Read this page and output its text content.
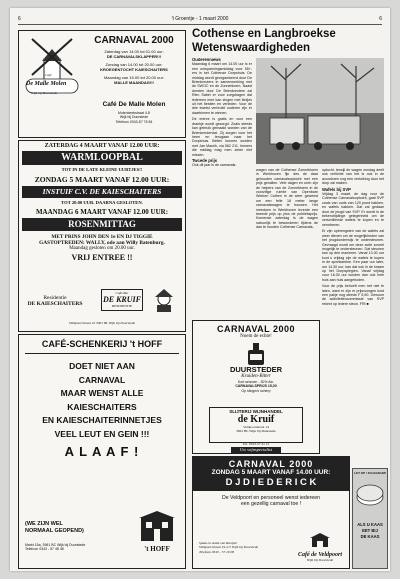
6	't Groentje - 1 maart 2000	6
Café
De Malle Molen
Wijk bij Duurstede
CARNAVAL 2000
Zaterdag van 14.00 tot 01.00 uur:
DE CARNAVALSKLAPPER!!!
Zondag van 14.00 tot 20.00 uur:
KROEGENTOCHT KAIESCHAITERS
Maandag van 15.00 tot 20.00 uur:
MALLE MAANDAG!!!
Café De Malle Molen
Molenbeekstraat 4-8
Wijk bij Duurstede
Telefoon 0343-57 76 84
ZATERDAG 4 MAART VANAF 12.00 UUR:
WARMLOOPBAL
TOT IN DE LATE KLEINE UURTJES!!
ZONDAG 5 MAART VANAF 12.00 UUR:
INSTUIF C.V. DE KAIESCHAITERS
TOT 20.00 UUR. DAARNA GESLOTEN.
MAANDAG 6 MAART VANAF 12.00 UUR:
ROSENMITTAG
MET PRINS JOHN DEN 1e EN DJ TIGGIE
GASTOPTREDEN: WALLY, ode aan Willy Batenburg.
Maandag gesloten om 20.00 uur.
VRIJ ENTREE !!
Residentie
DE KAIESCHAITERS
Café-Bar
DE KRUIF
RESIDENTIE
Veldpoortstraat 19 3961 BL Wijk bij Duurstede
CAFÉ-SCHENKERIJ 't HOFF
DOET NIET AAN
CARNAVAL
MAAR WENST ALLE
KAIESCHAITERS
EN KAIESCHAITERINNETJES
VEEL LEUT EN GEIN !!!
A L A A F !
(WE ZIJN WEL
NORMAAL GEOPEND)
Markt 15a, 3961 BC Wijk bij Duurstede
Telefoon 0343 - 57 48 48	't HOFF
Cothense en Langbroekse
Wetenswaardigheden
Ouderenniews

Maandag 6 maart om 14.00 uur is er een ontspanningsmiddag voor 55+-ers in het Cothense Dorpshuis. De middag wordt georganiseerd door De Brienkreuters in samenwerking met de SWOC en de Zonnebloem. Naast dorsten door De Brienkreuters zal Rien Sabel er voor zorgdragen dat iedereen mee kan zingen met liedjes uit het tiestien en verleden. Voor de drie kwetst verbruikt ouderen zijn er daarbinnen te winnen.

De entree is gratis en voor een drankje wordt gezorgd. Zoals steeds kan gebruik gemaakt worden van de Brienkreutertaxi. Zij zorgen voor het heen en terugaan naar het Dorpshuis. Bellen kunnen worden met Jan Maurik, via 562 211. Immers die middag mag men zeker niet missen.

Twcede prijs

Ook dit jaar is de carnavals-

wagen van de Cothense Zonnebloem in Werkhoven fijn des de daar gehouden carnavalsoptocht met een prijs gevallen. Vele dagen en uren zijn de helpers van de Zonnebloem in de voorzitige ruimte van Openbare Werken Cothen in de weer geweest om een felle 18 meter lange carnavalswagen te bouwen. Het meedoen in Werkhoven leverde een tweede prijs op plus de publieksprijs. Komende zaterdag is de wagen natuurlijk te bewonderen tijdens de dan te houden Cothense Carnavals-

optocht, terwijl de wagen zondag deelt ook verlichte van het is ook in de avondoren nog een vertolking door het dorp zal maken.

Wafels bij SVP

Vrijdag 3 maart, de dag voor de Cothense Carnavalsoptocht, gaat SVP zoals van ouds van 120 pond bakken, en wafels bakken. Dat zal gedaan door de jeugd van SVP. Er wordt in de bekendrijdinge gelegenheid om de verschillende wafels te kopen en te verorberen.

Er zijn opbrengsten van de wafels zal weer dienen om de mogelijkheden van het jeugdonderwijs te ondersteunen. Gevraagd wordt om deze actie zoveel mogelijk te ondersteunen. Dat steunen kan op drie manieren. Vanaf 13.30 uur kunt u vrijdag zijn de wafels te kopen in de sportkantine. Een paar uur later, om 14.30 uur, kan dat ook in de kraam op het Dorpsplegien. Vanaf vrijdag voor 18.30 uur worden dan ook hele huis aan huis aangeboden.

Voor de prijs behoeft men het niet te laten, want er zijn er prijsvoorgen kost een pakje nog steeds F 5,50. Gewoon de activiteitencommissie van SVP rekent op iedere steun. FRI ■

CARNAVAL 2000
Noem de echte!
DUURSTEDER
Kruiden-Bitter
Kort seizoen - 30% Alc.
CARNAVALSPRIJS 15,00
Op slingers scherp
SLIJTERIJ WIJNHANDEL
de Kruif
Veldpoortstraat 14
3961 BL Wijk bij Duurstede
Tel. 0343-57 41 21
Uw wijnspecialist
CARNAVAL 2000
ZONDAG 5 MAART VANAF 14.00 UUR:
D J D I E D E R I C K
De Veldpoort en personeel wenst iedereen
een gezellig carnaval toe !
Sjaak en Anita van Rooijen
Veldpoortstraat 19-21• Wijk bij Duurstede
Telefoon 0343 - 57 29 08
Café de Veldpoort
Wijk bij Duurstede
LET OP ! KUJAAKUMI
ALS U KAAS
EET BIJ
DE KAAS
